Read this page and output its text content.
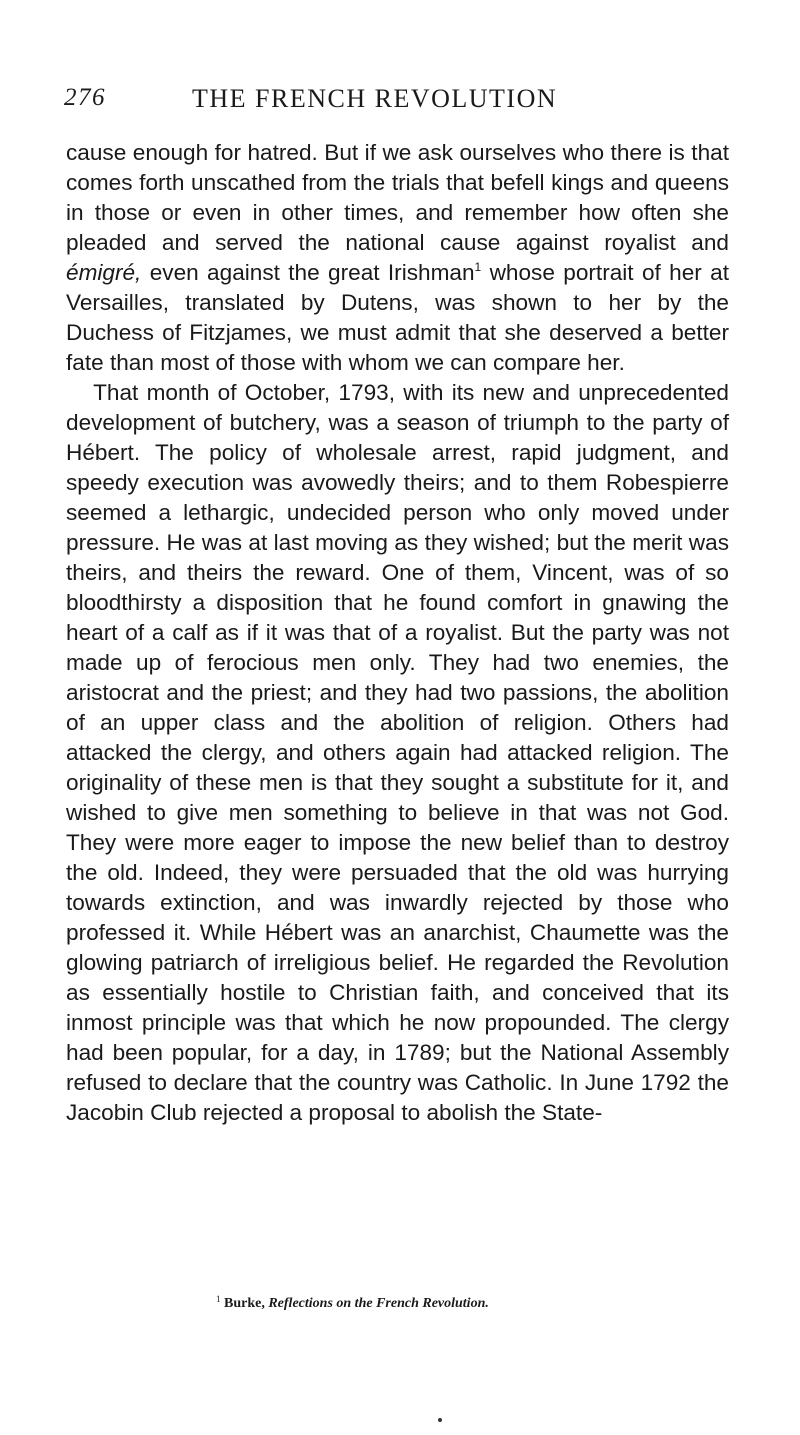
276	THE FRENCH REVOLUTION

cause enough for hatred. But if we ask ourselves who there is that comes forth unscathed from the trials that befell kings and queens in those or even in other times, and remember how often she pleaded and served the national cause against royalist and émigré, even against the great Irishman$^1$ whose portrait of her at Versailles, translated by Dutens, was shown to her by the Duchess of Fitzjames, we must admit that she deserved a better fate than most of those with whom we can compare her.

That month of October, 1793, with its new and unprecedented development of butchery, was a season of triumph to the party of Hébert. The policy of wholesale arrest, rapid judgment, and speedy execution was avowedly theirs; and to them Robespierre seemed a lethargic, undecided person who only moved under pressure. He was at last moving as they wished; but the merit was theirs, and theirs the reward. One of them, Vincent, was of so bloodthirsty a disposition that he found comfort in gnawing the heart of a calf as if it was that of a royalist. But the party was not made up of ferocious men only. They had two enemies, the aristocrat and the priest; and they had two passions, the abolition of an upper class and the abolition of religion. Others had attacked the clergy, and others again had attacked religion. The originality of these men is that they sought a substitute for it, and wished to give men something to believe in that was not God. They were more eager to impose the new belief than to destroy the old. Indeed, they were persuaded that the old was hurrying towards extinction, and was inwardly rejected by those who professed it. While Hébert was an anarchist, Chaumette was the glowing patriarch of irreligious belief. He regarded the Revolution as essentially hostile to Christian faith, and conceived that its inmost principle was that which he now propounded. The clergy had been popular, for a day, in 1789; but the National Assembly refused to declare that the country was Catholic. In June 1792 the Jacobin Club rejected a proposal to abolish the State-

$^1$ Burke, Reflections on the French Revolution.
